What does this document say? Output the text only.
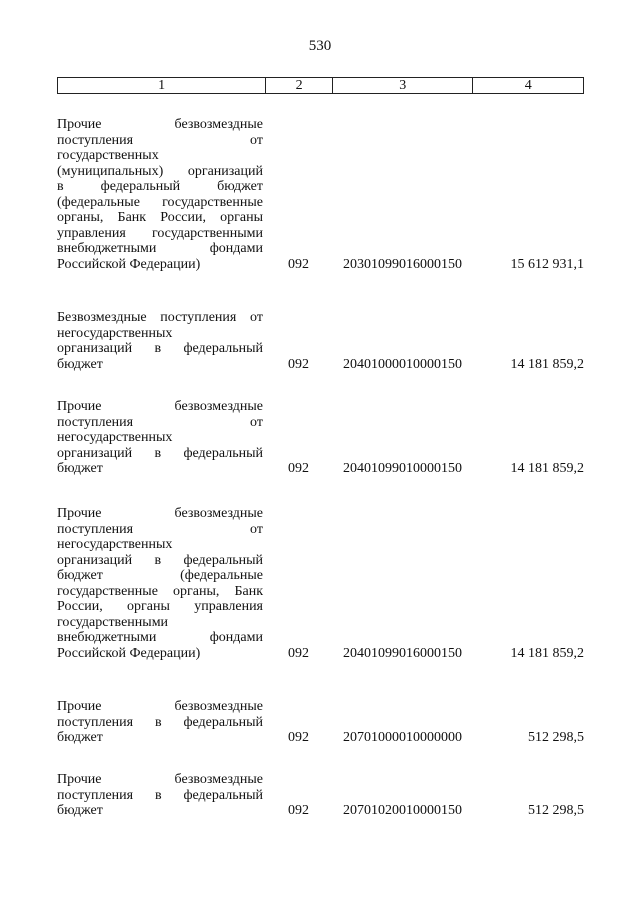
530
1	2	3	4
Прочие безвозмездные
поступления от
государственных
(муниципальных) организаций
в федеральный бюджет
(федеральные государственные
органы, Банк России, органы
управления государственными
внебюджетными фондами
Российской Федерации)	092	20301099016000150	15 612 931,1
Безвозмездные поступления от
негосударственных
организаций в федеральный
бюджет	092	20401000010000150	14 181 859,2
Прочие безвозмездные
поступления от
негосударственных
организаций в федеральный
бюджет	092	20401099010000150	14 181 859,2
Прочие безвозмездные
поступления от
негосударственных
организаций в федеральный
бюджет (федеральные
государственные органы, Банк
России, органы управления
государственными
внебюджетными фондами
Российской Федерации)	092	20401099016000150	14 181 859,2
Прочие безвозмездные
поступления в федеральный
бюджет	092	20701000010000000	512 298,5
Прочие безвозмездные
поступления в федеральный
бюджет	092	20701020010000150	512 298,5
